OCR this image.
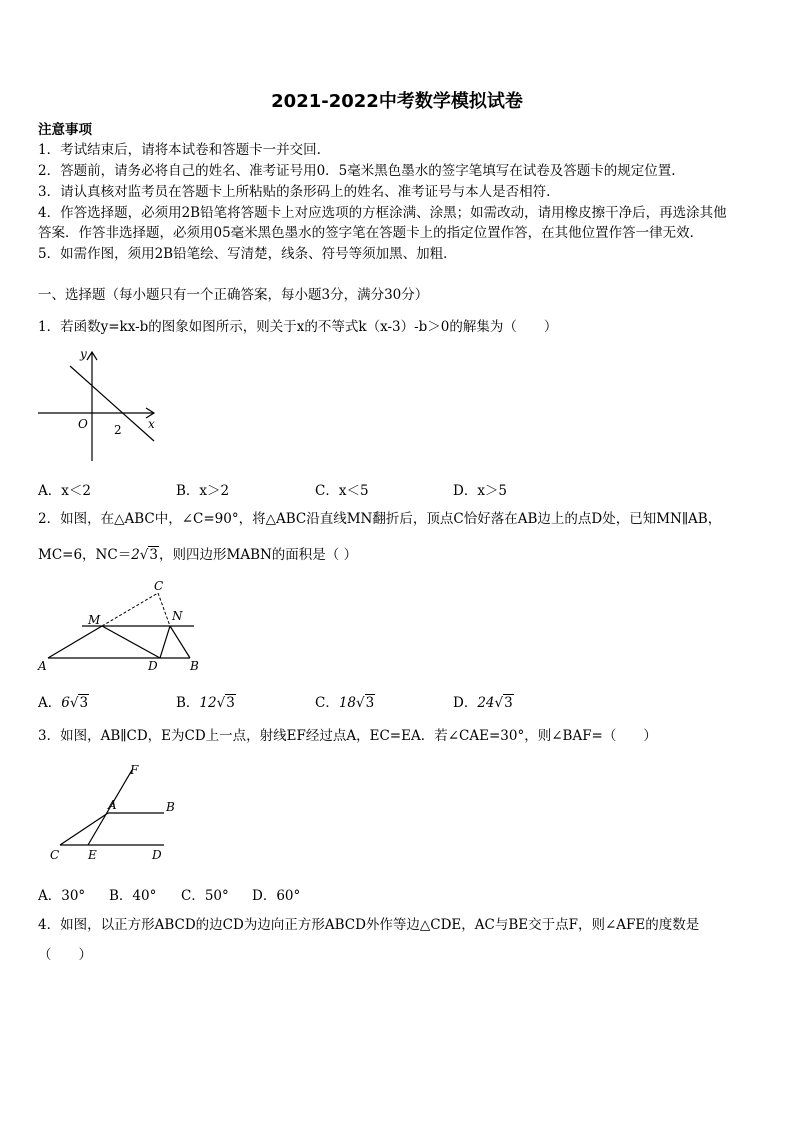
2021-2022中考数学模拟试卷
注意事项
1．考试结束后，请将本试卷和答题卡一并交回.
2．答题前，请务必将自己的姓名、准考证号用0．5毫米黑色墨水的签字笔填写在试卷及答题卡的规定位置.
3．请认真核对监考员在答题卡上所粘贴的条形码上的姓名、准考证号与本人是否相符.
4．作答选择题，必须用2B铅笔将答题卡上对应选项的方框涂满、涂黑；如需改动，请用橡皮擦干净后，再选涂其他
答案．作答非选择题，必须用05毫米黑色墨水的签字笔在答题卡上的指定位置作答，在其他位置作答一律无效．
5．如需作图，须用2B铅笔绘、写清楚，线条、符号等须加黑、加粗．
一、选择题（每小题只有一个正确答案，每小题3分，满分30分）
1．若函数y=kx-b的图象如图所示，则关于x的不等式k（x-3）-b＞0的解集为（　　）
y
O 2 x
A．x＜2	B．x＞2	C．x＜5	D．x＞5
2．如图，在△ABC中，∠C=90°，将△ABC沿直线MN翻折后，顶点C恰好落在AB边上的点D处，已知MN∥AB，
MC=6，NC＝2√3，则四边形MABN的面积是（ ）
C
M	N
A	D	B
A．6√3	B．12√3	C．18√3	D．24√3
3．如图，AB∥CD，E为CD上一点，射线EF经过点A，EC=EA．若∠CAE=30°，则∠BAF=（　　）
F
A	B
C E	D
A．30° B．40° C．50° D．60°
4．如图，以正方形ABCD的边CD为边向正方形ABCD外作等边△CDE，AC与BE交于点F，则∠AFE的度数是
（　　）
